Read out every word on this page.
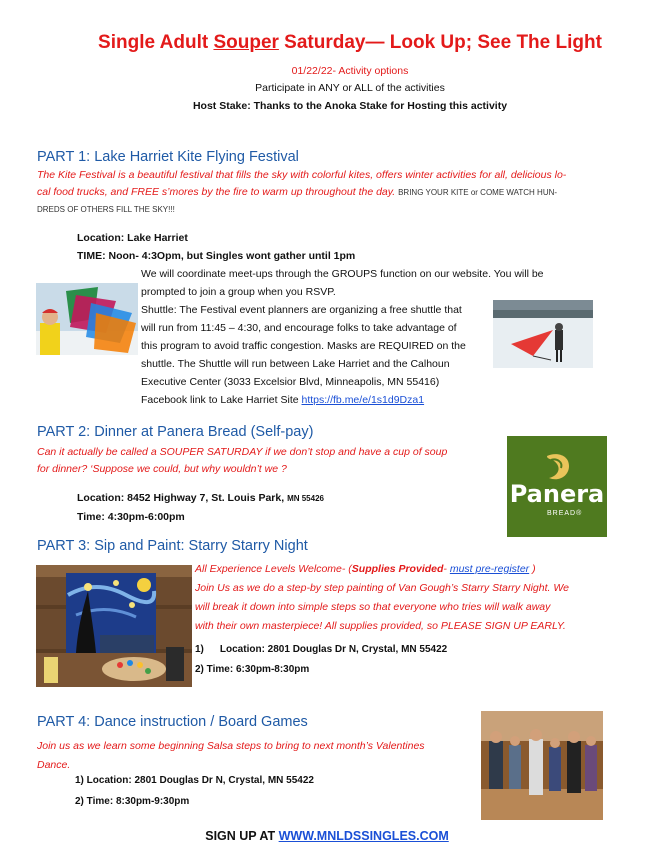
Single Adult Souper Saturday— Look Up; See The Light
01/22/22- Activity options
Participate in ANY or ALL of the activities
Host Stake: Thanks to the Anoka Stake for Hosting this activity
PART 1: Lake Harriet Kite Flying Festival
The Kite Festival is a beautiful festival that fills the sky with colorful kites, offers winter activities for all, delicious lo-
cal food trucks, and FREE s’mores by the fire to warm up throughout the day. BRING YOUR KITE or COME WATCH HUN-
DREDS OF OTHERS FILL THE SKY!!!
Location: Lake Harriet
TIME: Noon- 4:3Opm, but Singles wont gather until 1pm
We will coordinate meet-ups through the GROUPS function on our website. You will be
prompted to join a group when you RSVP.
Shuttle: The Festival event planners are organizing a free shuttle that
will run from 11:45 – 4:30, and encourage folks to take advantage of
this program to avoid traffic congestion. Masks are REQUIRED on the
shuttle. The Shuttle will run between Lake Harriet and the Calhoun
Executive Center (3033 Excelsior Blvd, Minneapolis, MN 55416)
Facebook link to Lake Harriet Site https://fb.me/e/1s1d9Dza1
PART 2: Dinner at Panera Bread (Self-pay)
Can it actually be called a SOUPER SATURDAY if we don’t stop and have a cup of soup
for dinner? ‘Suppose we could, but why wouldn’t we ?
Location: 8452 Highway 7, St. Louis Park, MN 55426
Time: 4:30pm-6:00pm
Panera
BREAD®
PART 3: Sip and Paint: Starry Starry Night
All Experience Levels Welcome- (Supplies Provided- must pre-register )
Join Us as we do a step-by step painting of Van Gough’s Starry Starry Night. We
will break it down into simple steps so that everyone who tries will walk away
with their own masterpiece! All supplies provided, so PLEASE SIGN UP EARLY.
1) Location: 2801 Douglas Dr N, Crystal, MN 55422
2) Time: 6:30pm-8:30pm
PART 4: Dance instruction / Board Games
Join us as we learn some beginning Salsa steps to bring to next month’s Valentines
Dance.
1) Location: 2801 Douglas Dr N, Crystal, MN 55422
2) Time: 8:30pm-9:30pm
SIGN UP AT WWW.MNLDSSINGLES.COM
